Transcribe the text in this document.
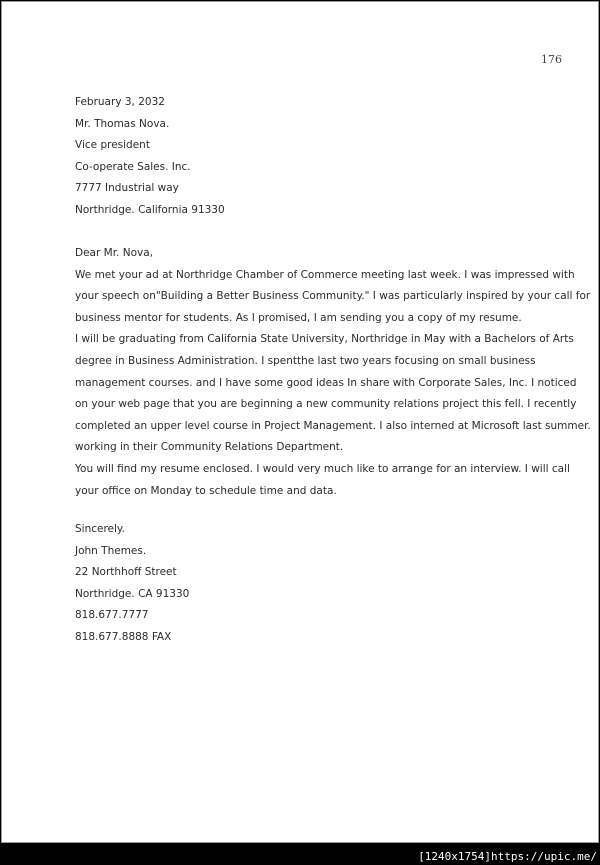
176
February 3, 2032
Mr. Thomas Nova.
Vice president
Co-operate Sales. Inc.
7777 Industrial way
Northridge. California 91330
Dear Mr. Nova,
We met your ad at Northridge Chamber of Commerce meeting last week. I was impressed with
your speech on"Building a Better Business Community." I was particularly inspired by your call for
business mentor for students. As I promised, I am sending you a copy of my resume.
I will be graduating from California State University, Northridge in May with a Bachelors of Arts
degree in Business Administration. I spentthe last two years focusing on small business
management courses. and I have some good ideas In share with Corporate Sales, Inc. I noticed
on your web page that you are beginning a new community relations project this fell. I recently
completed an upper level course in Project Management. I also interned at Microsoft last summer.
working in their Community Relations Department.
You will find my resume enclosed. I would very much like to arrange for an interview. I will call
your office on Monday to schedule time and data.
Sincerely.
John Themes.
22 Northhoff Street
Northridge. CA 91330
818.677.7777
818.677.8888 FAX
[1240x1754]https://upic.me/
